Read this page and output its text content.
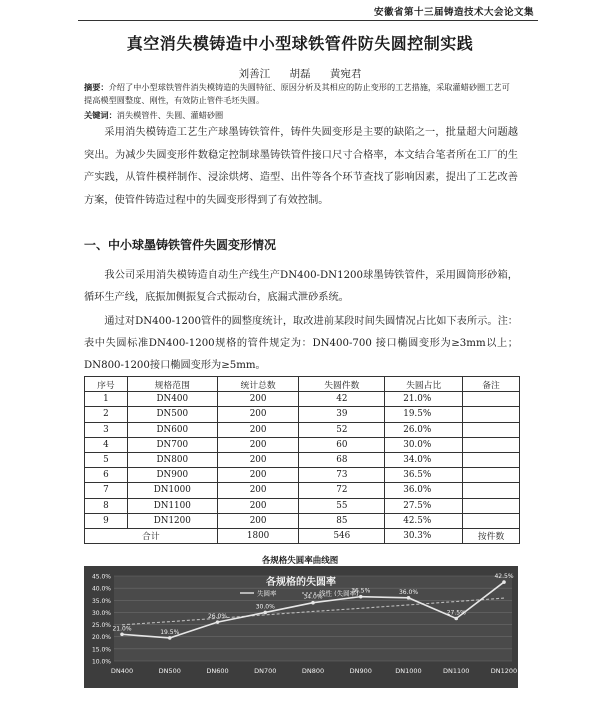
安徽省第十三届铸造技术大会论文集
真空消失模铸造中小型球铁管件防失圆控制实践
刘善江 胡磊 黄宛君
摘要：介绍了中小型球铁管件消失模铸造的失圆特征、原因分析及其相应的防止变形的工艺措施，采取灌蜡砂圈工艺可提高模型圆整度、刚性，有效防止管件毛坯失圆。
关键词：消失模管件、失圆、灌蜡砂圈
采用消失模铸造工艺生产球墨铸铁管件，铸件失圆变形是主要的缺陷之一，批量超大问题越突出。为减少失圆变形件数稳定控制球墨铸铁管件接口尺寸合格率，本文结合笔者所在工厂的生产实践，从管件模样制作、浸涂烘烤、造型、出件等各个环节查找了影响因素，提出了工艺改善方案，使管件铸造过程中的失圆变形得到了有效控制。
一、中小球墨铸铁管件失圆变形情况
我公司采用消失模铸造自动生产线生产DN400-DN1200球墨铸铁管件，采用圆筒形砂箱，循环生产线，底振加侧振复合式振动台，底漏式泄砂系统。
通过对DN400-1200管件的圆整度统计，取改进前某段时间失圆情况占比如下表所示。注：表中失圆标准DN400-1200规格的管件规定为：DN400-700 接口椭圆变形为≥3mm以上；DN800-1200接口椭圆变形为≥5mm。
序号	规格范围	统计总数	失圆件数	失圆占比	备注
1	DN400	200	42	21.0%	
2	DN500	200	39	19.5%	
3	DN600	200	52	26.0%	
4	DN700	200	60	30.0%	
5	DN800	200	68	34.0%	
6	DN900	200	73	36.5%	
7	DN1000	200	72	36.0%	
8	DN1100	200	55	27.5%	
9	DN1200	200	85	42.5%	
合计		1800	546	30.3%	按件数
各规格失圆率曲线图
10.0%
15.0%
20.0%
25.0%
30.0%
35.0%
40.0%
45.0%
DN400	DN500	DN600	DN700	DN800	DN900	DN1000	DN1100	DN1200
各规格的失圆率
失圆率	线性 (失圆率)
21.0%
19.5%
26.0%
30.0%
34.0%
36.5%	36.0%
27.5%
42.5%
